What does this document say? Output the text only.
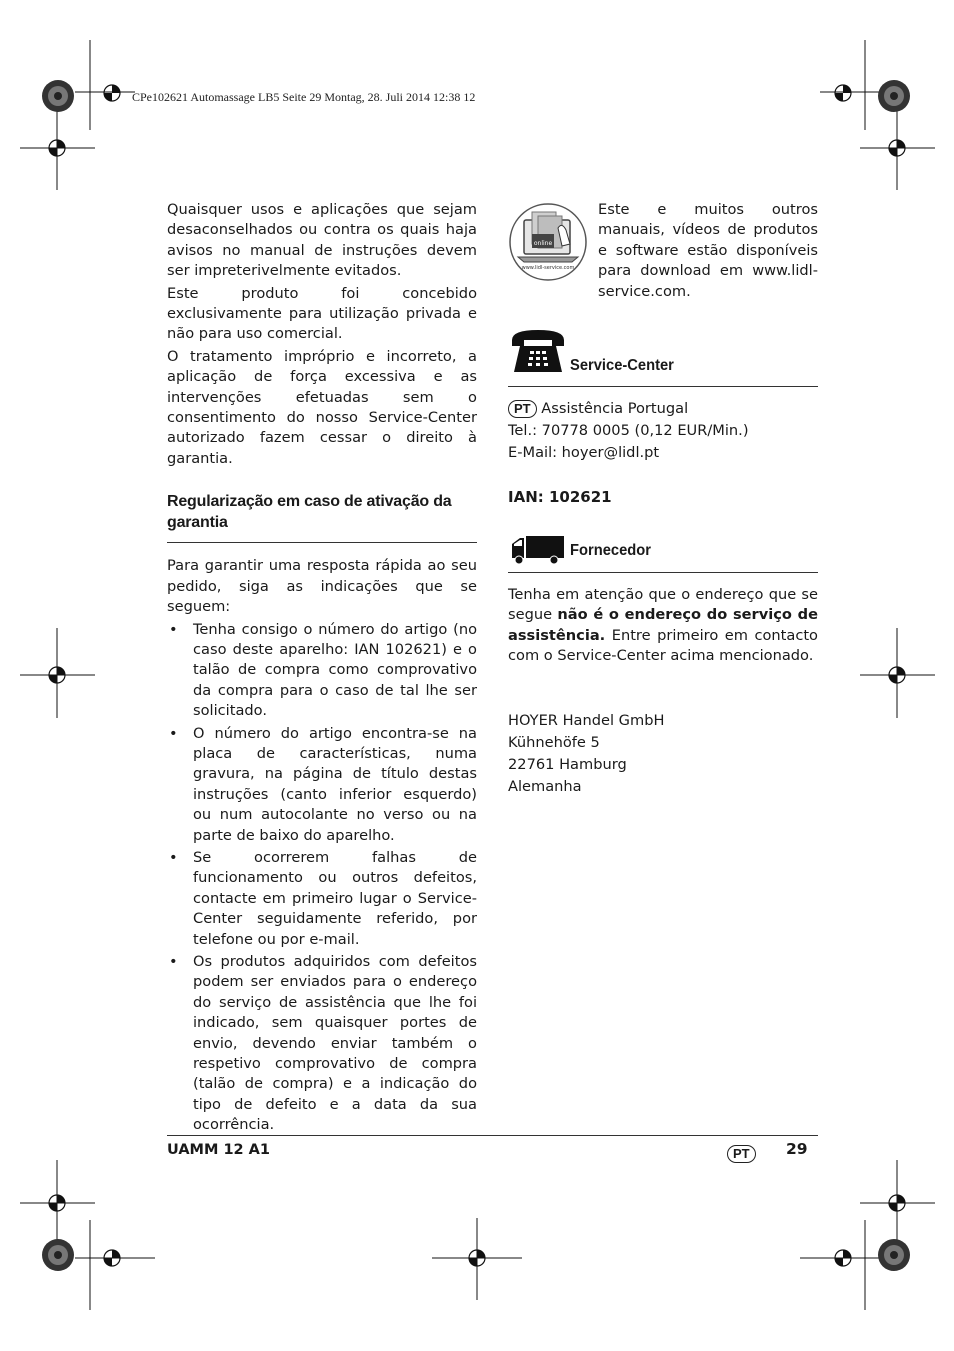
CPe102621 Automassage LB5 Seite 29 Montag, 28. Juli 2014 12:38 12

Quaisquer usos e aplicações que sejam desaconselhados ou contra os quais haja avisos no manual de instruções devem ser impreterivelmente evitados.

Este produto foi concebido exclusivamente para utilização privada e não para uso comercial.

O tratamento impróprio e incorreto, a aplicação de força excessiva e as intervenções efetuadas sem o consentimento do nosso Service-Center autorizado fazem cessar o direito à garantia.

Regularização em caso de ativação da garantia

Para garantir uma resposta rápida ao seu pedido, siga as indicações que se seguem:

• Tenha consigo o número do artigo (no caso deste aparelho: IAN 102621) e o talão de compra como comprovativo da compra para o caso de tal lhe ser solicitado.
• O número do artigo encontra-se na placa de características, numa gravura, na página de título destas instruções (canto inferior esquerdo) ou num autocolante no verso ou na parte de baixo do aparelho.
• Se ocorrerem falhas de funcionamento ou outros defeitos, contacte em primeiro lugar o Service-Center seguidamente referido, por telefone ou por e-mail.
• Os produtos adquiridos com defeitos podem ser enviados para o endereço do serviço de assistência que lhe foi indicado, sem quaisquer portes de envio, devendo enviar também o respetivo comprovativo de compra (talão de compra) e a indicação do tipo de defeito e a data da sua ocorrência.
online
www.lidl-service.com

Este e muitos outros manuais, vídeos de produtos e software estão disponíveis para download em www.lidl-service.com.

Service-Center
PT Assistência Portugal
Tel.: 70778 0005 (0,12 EUR/Min.)
E-Mail: hoyer@lidl.pt
IAN: 102621
Fornecedor

Tenha em atenção que o endereço que se segue não é o endereço do serviço de assistência. Entre primeiro em contacto com o Service-Center acima mencionado.

HOYER Handel GmbH
Kühnehöfe 5
22761 Hamburg
Alemanha
UAMM 12 A1	PT	29
